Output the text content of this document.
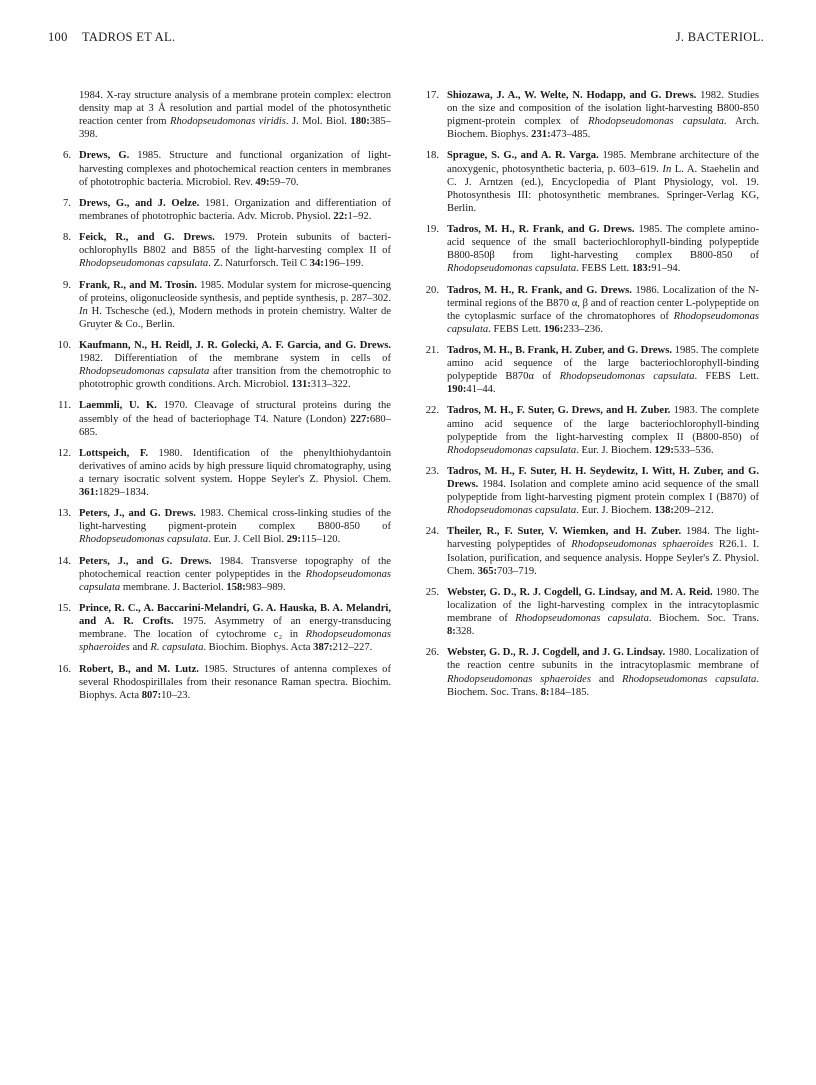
100 TADROS ET AL.	J. BACTERIOL.
1984. X-ray structure analysis of a membrane protein complex: electron density map at 3 Å resolution and partial model of the photosynthetic reaction center from Rhodopseudomonas viridis. J. Mol. Biol. 180:385–398.
6. Drews, G. 1985. Structure and functional organization of light-harvesting complexes and photochemical reaction centers in membranes of phototrophic bacteria. Microbiol. Rev. 49:59–70.
7. Drews, G., and J. Oelze. 1981. Organization and differentiation of membranes of phototrophic bacteria. Adv. Microb. Physiol. 22:1–92.
8. Feick, R., and G. Drews. 1979. Protein subunits of bacteri-ochlorophylls B802 and B855 of the light-harvesting complex II of Rhodopseudomonas capsulata. Z. Naturforsch. Teil C 34:196–199.
9. Frank, R., and M. Trosin. 1985. Modular system for microse-quencing of proteins, oligonucleoside synthesis, and peptide synthesis, p. 287–302. In H. Tschesche (ed.), Modern methods in protein chemistry. Walter de Gruyter & Co., Berlin.
10. Kaufmann, N., H. Reidl, J. R. Golecki, A. F. Garcia, and G. Drews. 1982. Differentiation of the membrane system in cells of Rhodopseudomonas capsulata after transition from the chemotrophic to phototrophic growth conditions. Arch. Microbiol. 131:313–322.
11. Laemmli, U. K. 1970. Cleavage of structural proteins during the assembly of the head of bacteriophage T4. Nature (London) 227:680–685.
12. Lottspeich, F. 1980. Identification of the phenylthiohydantoin derivatives of amino acids by high pressure liquid chromatography, using a ternary isocratic solvent system. Hoppe Seyler's Z. Physiol. Chem. 361:1829–1834.
13. Peters, J., and G. Drews. 1983. Chemical cross-linking studies of the light-harvesting pigment-protein complex B800-850 of Rhodopseudomonas capsulata. Eur. J. Cell Biol. 29:115–120.
14. Peters, J., and G. Drews. 1984. Transverse topography of the photochemical reaction center polypeptides in the Rhodopseudomonas capsulata membrane. J. Bacteriol. 158:983–989.
15. Prince, R. C., A. Baccarini-Melandri, G. A. Hauska, B. A. Melandri, and A. R. Crofts. 1975. Asymmetry of an energy-transducing membrane. The location of cytochrome c₂ in Rhodopseudomonas sphaeroides and R. capsulata. Biochim. Biophys. Acta 387:212–227.
16. Robert, B., and M. Lutz. 1985. Structures of antenna complexes of several Rhodospirillales from their resonance Raman spectra. Biochim. Biophys. Acta 807:10–23.
17. Shiozawa, J. A., W. Welte, N. Hodapp, and G. Drews. 1982. Studies on the size and composition of the isolation light-harvesting B800-850 pigment-protein complex of Rhodopseudomonas capsulata. Arch. Biochem. Biophys. 231:473–485.
18. Sprague, S. G., and A. R. Varga. 1985. Membrane architecture of the anoxygenic, photosynthetic bacteria, p. 603–619. In L. A. Staehelin and C. J. Arntzen (ed.), Encyclopedia of Plant Physiology, vol. 19. Photosynthesis III: photosynthetic membranes. Springer-Verlag KG, Berlin.
19. Tadros, M. H., R. Frank, and G. Drews. 1985. The complete amino-acid sequence of the small bacteriochlorophyll-binding polypeptide B800-850β from light-harvesting complex B800-850 of Rhodopseudomonas capsulata. FEBS Lett. 183:91–94.
20. Tadros, M. H., R. Frank, and G. Drews. 1986. Localization of the N-terminal regions of the B870 α, β and of reaction center L-polypeptide on the cytoplasmic surface of the chromatophores of Rhodopseudomonas capsulata. FEBS Lett. 196:233–236.
21. Tadros, M. H., B. Frank, H. Zuber, and G. Drews. 1985. The complete amino acid sequence of the large bacteriochlorophyll-binding polypeptide B870α of Rhodopseudomonas capsulata. FEBS Lett. 190:41–44.
22. Tadros, M. H., F. Suter, G. Drews, and H. Zuber. 1983. The complete amino acid sequence of the large bacteriochlorophyll-binding polypeptide from the light-harvesting complex II (B800-850) of Rhodopseudomonas capsulata. Eur. J. Biochem. 129:533–536.
23. Tadros, M. H., F. Suter, H. H. Seydewitz, I. Witt, H. Zuber, and G. Drews. 1984. Isolation and complete amino acid sequence of the small polypeptide from light-harvesting pigment protein complex I (B870) of Rhodopseudomonas capsulata. Eur. J. Biochem. 138:209–212.
24. Theiler, R., F. Suter, V. Wiemken, and H. Zuber. 1984. The light-harvesting polypeptides of Rhodopseudomonas sphaeroides R26.1. I. Isolation, purification, and sequence analysis. Hoppe Seyler's Z. Physiol. Chem. 365:703–719.
25. Webster, G. D., R. J. Cogdell, G. Lindsay, and M. A. Reid. 1980. The localization of the light-harvesting complex in the intracytoplasmic membrane of Rhodopseudomonas capsulata. Biochem. Soc. Trans. 8:328.
26. Webster, G. D., R. J. Cogdell, and J. G. Lindsay. 1980. Localization of the reaction centre subunits in the intracytoplasmic membrane of Rhodopseudomonas sphaeroides and Rhodopseudomonas capsulata. Biochem. Soc. Trans. 8:184–185.
